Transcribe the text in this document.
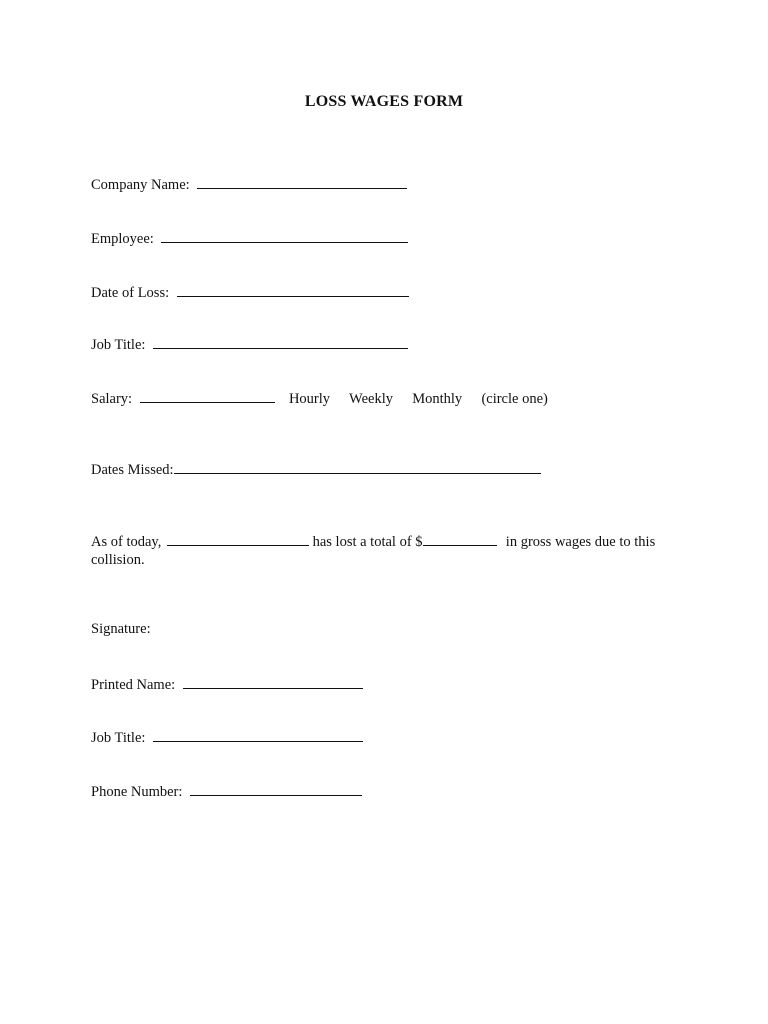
LOSS WAGES FORM
Company Name:
Employee:
Date of Loss:
Job Title:
Salary:	Hourly Weekly Monthly (circle one)
Dates Missed:
As of today,	has lost a total of $	in gross wages due to this collision.
Signature:
Printed Name:
Job Title:
Phone Number:
